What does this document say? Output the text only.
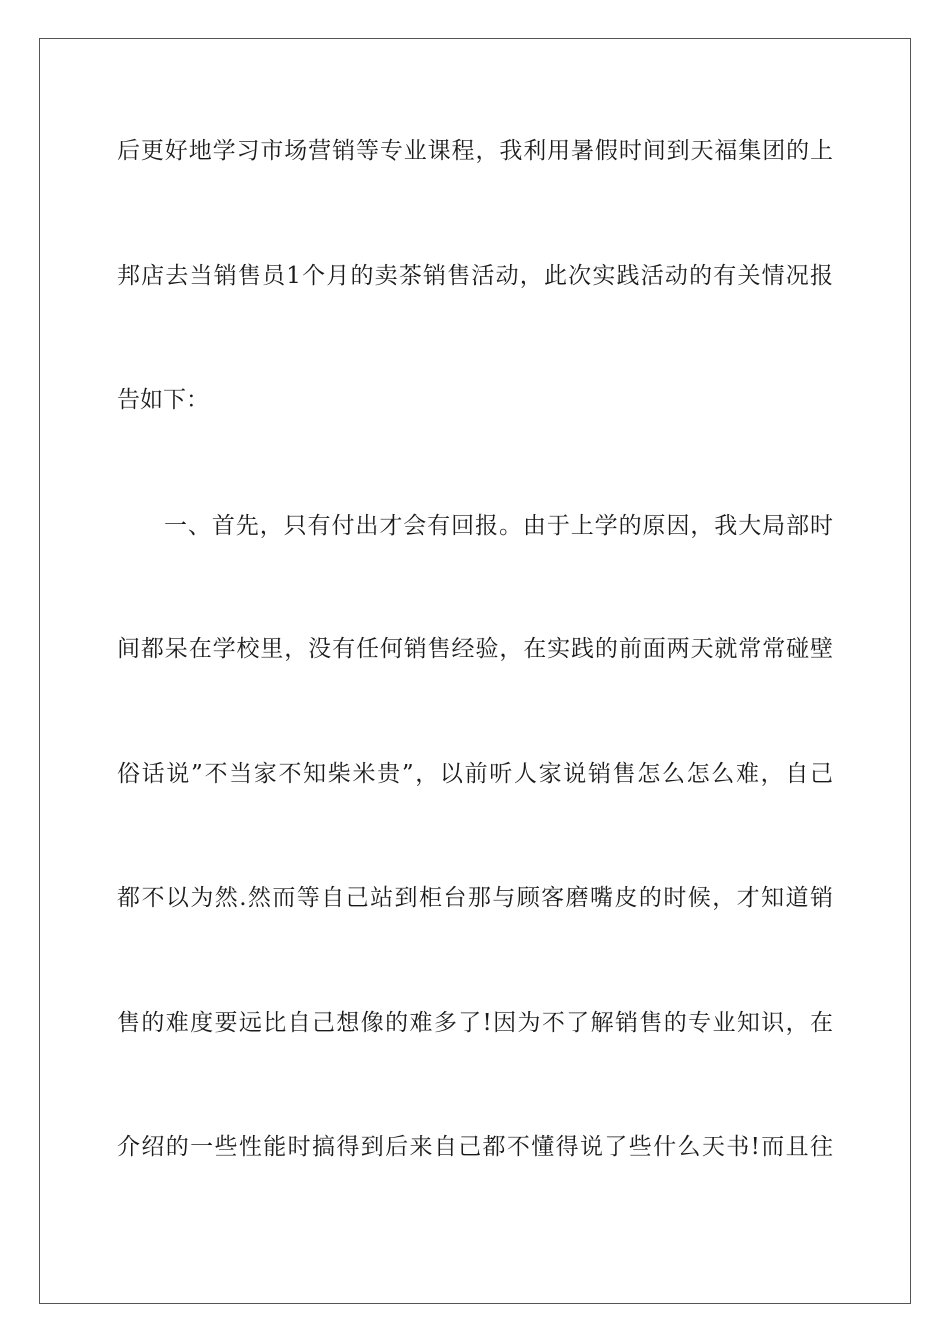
后更好地学习市场营销等专业课程，我利用暑假时间到天福集团的上
邦店去当销售员1个月的卖茶销售活动，此次实践活动的有关情况报
告如下：
一、首先，只有付出才会有回报。由于上学的原因，我大局部时
间都呆在学校里，没有任何销售经验，在实践的前面两天就常常碰壁
俗话说”不当家不知柴米贵”，以前听人家说销售怎么怎么难，自己
都不以为然.然而等自己站到柜台那与顾客磨嘴皮的时候，才知道销
售的难度要远比自己想像的难多了!因为不了解销售的专业知识，在
介绍的一些性能时搞得到后来自己都不懂得说了些什么天书!而且往
